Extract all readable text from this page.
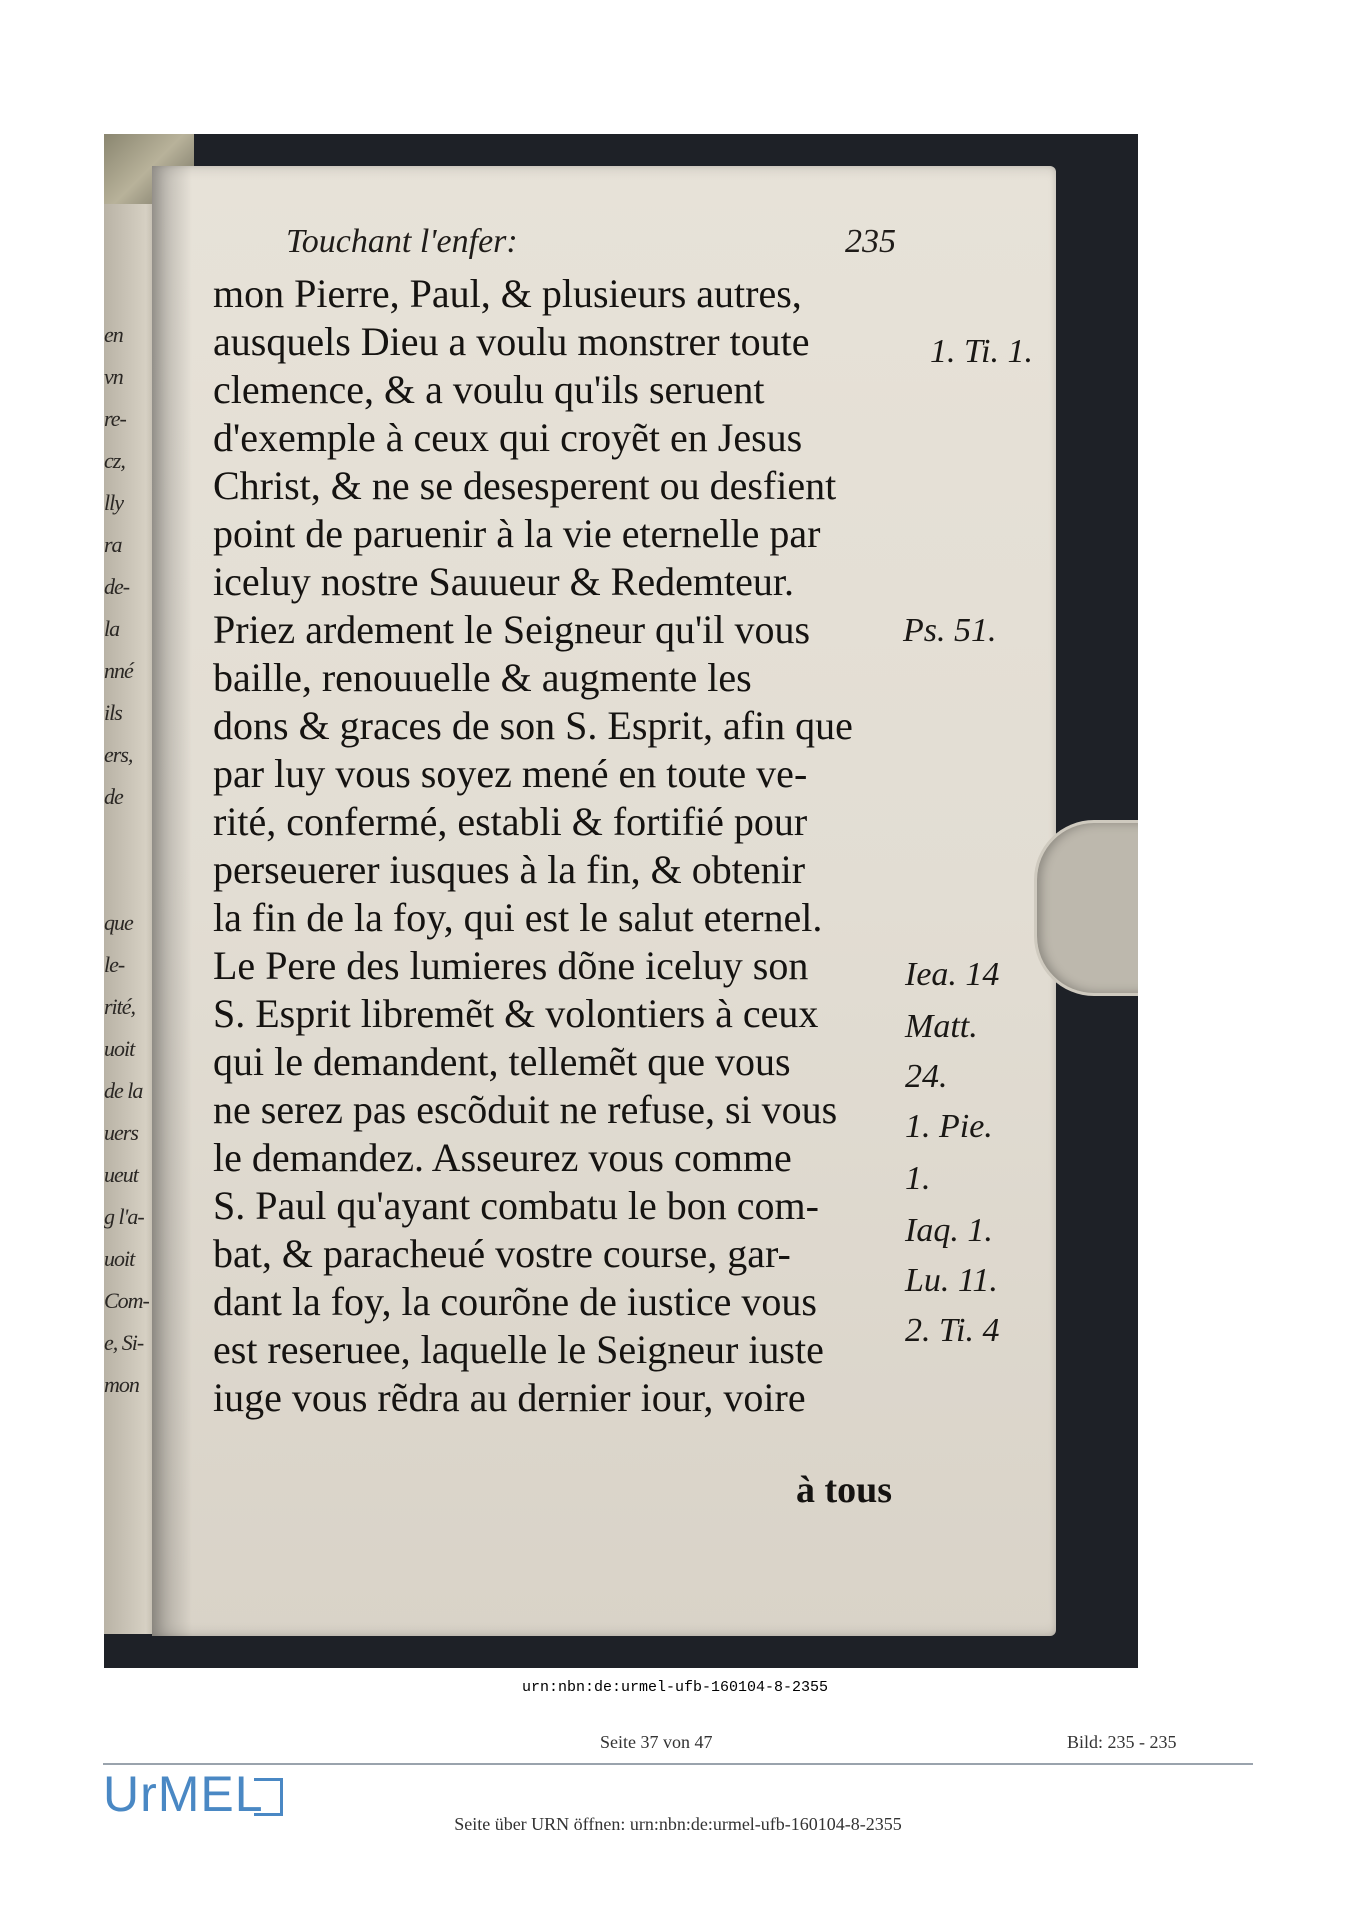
en
vn
re-
cz,
lly
ra
de-
la
nné
ils
ers,
de

que
le-
rité,
uoit
de la
uers
ueut
g l'a-
uoit
Com-
e, Si-
mon
Touchant l'enfer:	235
mon Pierre, Paul, & plusieurs autres,
ausquels Dieu a voulu monstrer toute
clemence, & a voulu qu'ils seruent
d'exemple à ceux qui croyẽt en Jesus
Christ, & ne se desesperent ou desfient
point de paruenir à la vie eternelle par
iceluy nostre Sauueur & Redemteur.
Priez ardement le Seigneur qu'il vous
baille, renouuelle & augmente les
dons & graces de son S. Esprit, afin que
par luy vous soyez mené en toute ve-
rité, confermé, establi & fortifié pour
perseuerer iusques à la fin, & obtenir
la fin de la foy, qui est le salut eternel.
Le Pere des lumieres dõne iceluy son
S. Esprit libremẽt & volontiers à ceux
qui le demandent, tellemẽt que vous
ne serez pas escõduit ne refuse, si vous
le demandez. Asseurez vous comme
S. Paul qu'ayant combatu le bon com-
bat, & paracheué vostre course, gar-
dant la foy, la courõne de iustice vous
est reseruee, laquelle le Seigneur iuste
iuge vous rẽdra au dernier iour, voire
à tous
1. Ti. 1.
Ps. 51.
Iea. 14
Matt.
24.
1. Pie.
1.
Iaq. 1.
Lu. 11.
2. Ti. 4
urn:nbn:de:urmel-ufb-160104-8-2355
Seite 37 von 47	Bild: 235 - 235
UrMEL
Seite über URN öffnen: urn:nbn:de:urmel-ufb-160104-8-2355
